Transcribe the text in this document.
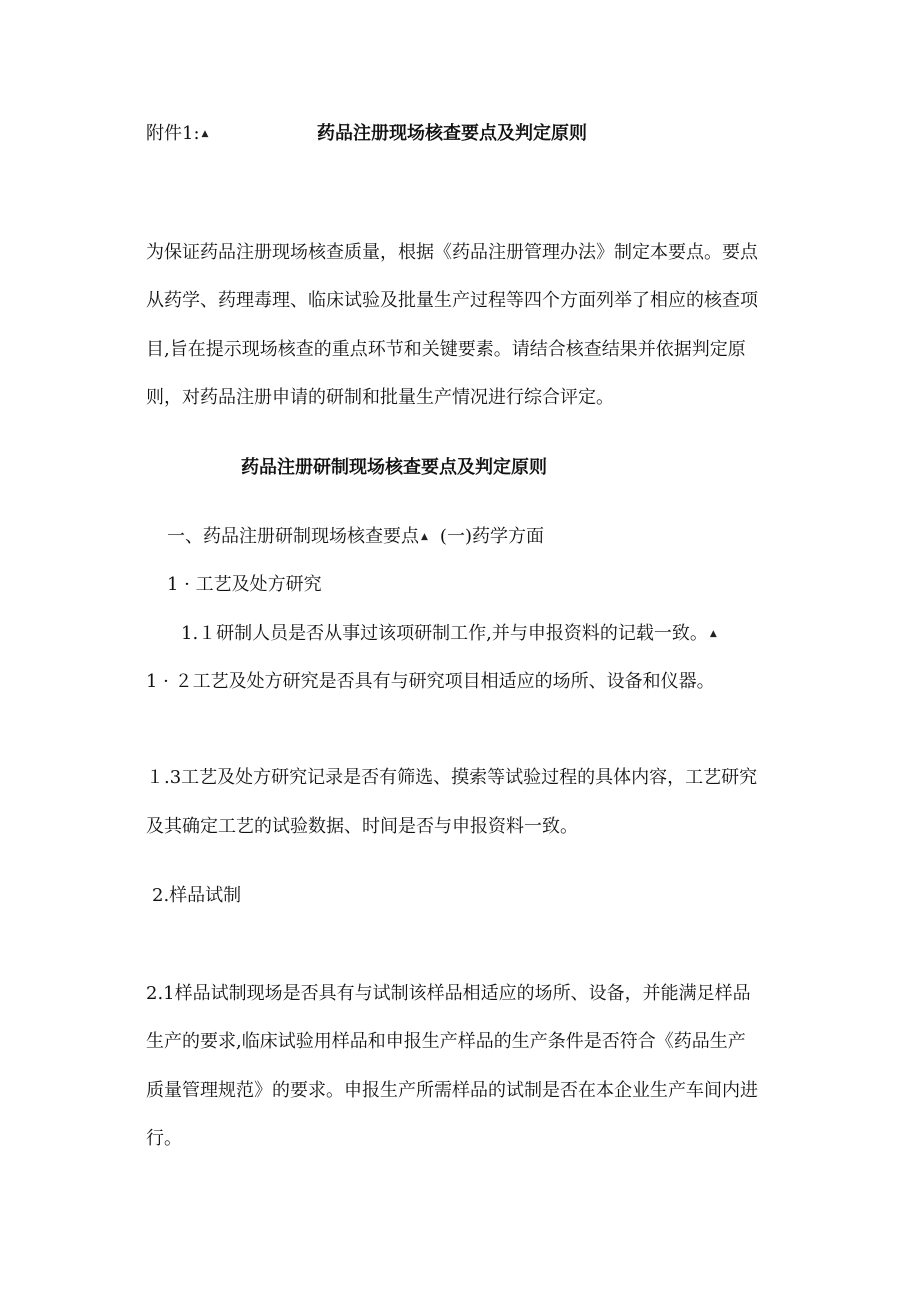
附件1: ▲	药品注册现场核查要点及判定原则
为保证药品注册现场核查质量，根据《药品注册管理办法》制定本要点。要点
从药学、药理毒理、临床试验及批量生产过程等四个方面列举了相应的核查项
目,旨在提示现场核查的重点环节和关键要素。请结合核查结果并依据判定原
则，对药品注册申请的研制和批量生产情况进行综合评定。
药品注册研制现场核查要点及判定原则
一、药品注册研制现场核查要点 ▲ (一)药学方面
1 · 工艺及处方研究
1.１研制人员是否从事过该项研制工作,并与申报资料的记载一致。 ▲
1 · ２工艺及处方研究是否具有与研究项目相适应的场所、设备和仪器。
１.3工艺及处方研究记录是否有筛选、摸索等试验过程的具体内容，工艺研究
及其确定工艺的试验数据、时间是否与申报资料一致。
2.样品试制
2.1样品试制现场是否具有与试制该样品相适应的场所、设备，并能满足样品
生产的要求,临床试验用样品和申报生产样品的生产条件是否符合《药品生产
质量管理规范》的要求。申报生产所需样品的试制是否在本企业生产车间内进
行。
